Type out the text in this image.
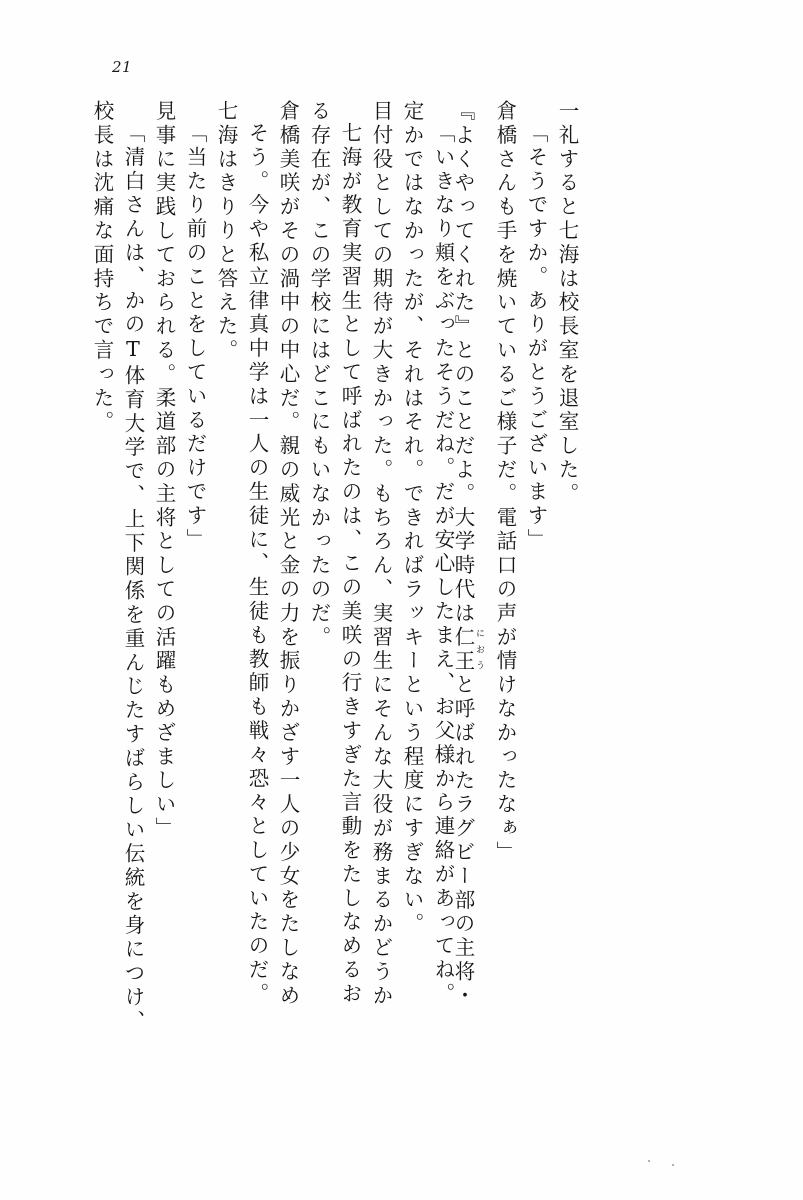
21
校長は沈痛な面持ちで言った。 「清白さんは、かのT体育大学で、上下関係を重んじたすばらしい伝統を身につけ、 見事に実践しておられる。柔道部の主将としての活躍もめざましい」 「当たり前のことをしているだけです」 七海はきりりと答えた。 そう。今や私立律真中学は一人の生徒に、生徒も教師も戦々恐々としていたのだ。 倉橋美咲がその渦中の中心だ。親の威光と金の力を振りかざす一人の少女をたしなめ る存在が、この学校にはどこにもいなかったのだ。 七海が教育実習生として呼ばれたのは、この美咲の行きすぎた言動をたしなめるお 目付役としての期待が大きかった。もちろん、実習生にそんな大役が務まるかどうか 定かではなかったが、それはそれ。できればラッキーという程度にすぎない。 「いきなり頬をぶったそうだね。だが安心したまえ、お父様から連絡があってね。
『よくやってくれた』とのことだよ。大学時代は仁王 におうと呼ばれたラグビー部の主将・ 倉橋さんも手を焼いているご様子だ。電話口の声が情けなかったなぁ」 「そうですか。ありがとうございます」 一礼すると七海は校長室を退室した。
